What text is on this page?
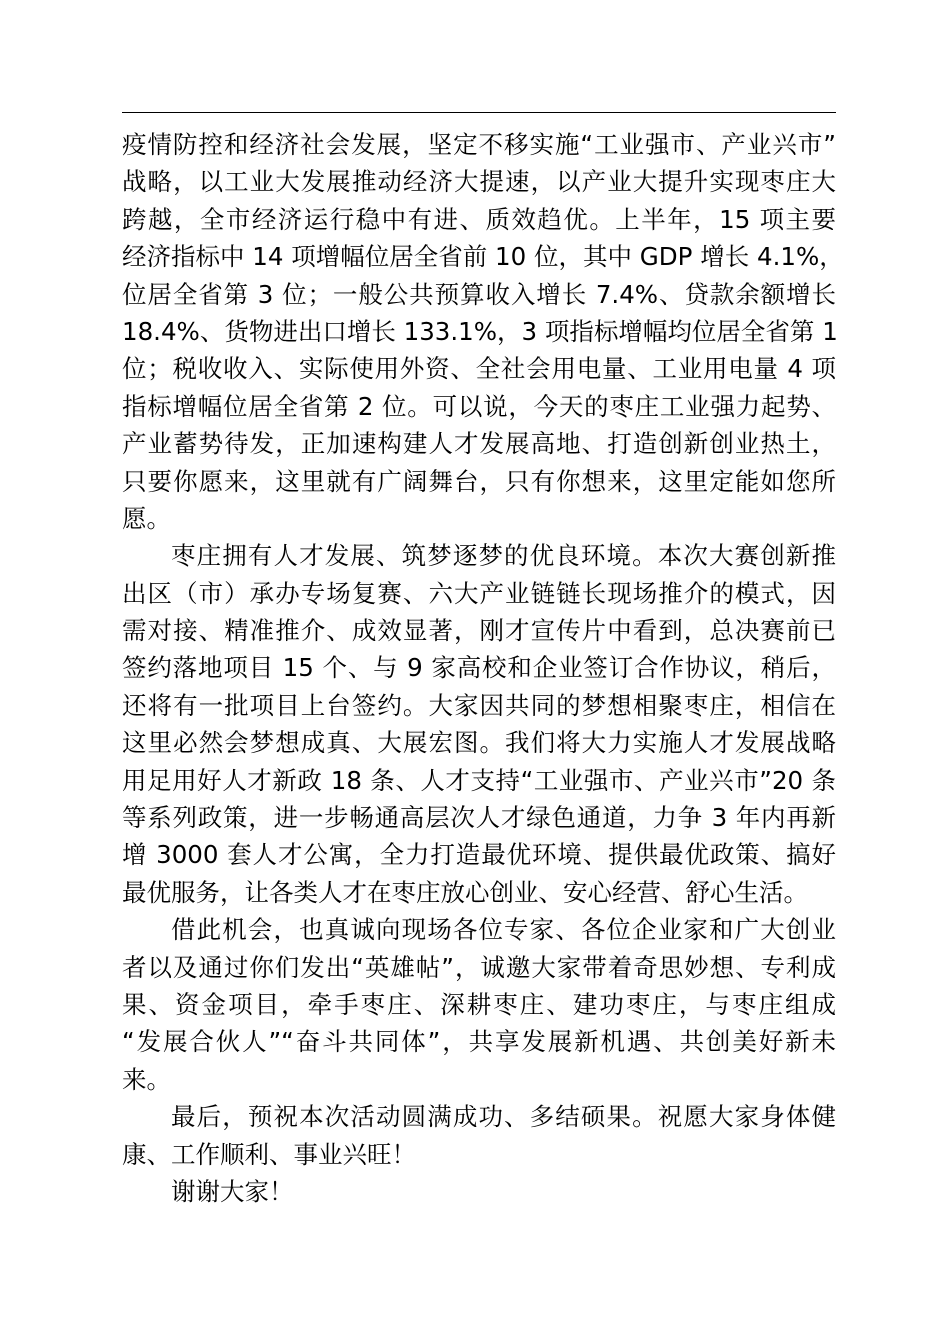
疫情防控和经济社会发展，坚定不移实施“工业强市、产业兴市”
战略，以工业大发展推动经济大提速，以产业大提升实现枣庄大
跨越，全市经济运行稳中有进、质效趋优。上半年，15 项主要
经济指标中 14 项增幅位居全省前 10 位，其中 GDP 增长 4.1%，
位居全省第 3 位；一般公共预算收入增长 7.4%、贷款余额增长
18.4%、货物进出口增长 133.1%，3 项指标增幅均位居全省第 1
位；税收收入、实际使用外资、全社会用电量、工业用电量 4 项
指标增幅位居全省第 2 位。可以说，今天的枣庄工业强力起势、
产业蓄势待发，正加速构建人才发展高地、打造创新创业热土，
只要你愿来，这里就有广阔舞台，只有你想来，这里定能如您所
愿。
枣庄拥有人才发展、筑梦逐梦的优良环境。本次大赛创新推
出区（市）承办专场复赛、六大产业链链长现场推介的模式，因
需对接、精准推介、成效显著，刚才宣传片中看到，总决赛前已
签约落地项目 15 个、与 9 家高校和企业签订合作协议，稍后，
还将有一批项目上台签约。大家因共同的梦想相聚枣庄，相信在
这里必然会梦想成真、大展宏图。我们将大力实施人才发展战略
用足用好人才新政 18 条、人才支持“工业强市、产业兴市”20 条
等系列政策，进一步畅通高层次人才绿色通道，力争 3 年内再新
增 3000 套人才公寓，全力打造最优环境、提供最优政策、搞好
最优服务，让各类人才在枣庄放心创业、安心经营、舒心生活。
借此机会，也真诚向现场各位专家、各位企业家和广大创业
者以及通过你们发出“英雄帖”，诚邀大家带着奇思妙想、专利成
果、资金项目，牵手枣庄、深耕枣庄、建功枣庄，与枣庄组成
“发展合伙人”“奋斗共同体”，共享发展新机遇、共创美好新未
来。
最后，预祝本次活动圆满成功、多结硕果。祝愿大家身体健
康、工作顺利、事业兴旺！
谢谢大家！
